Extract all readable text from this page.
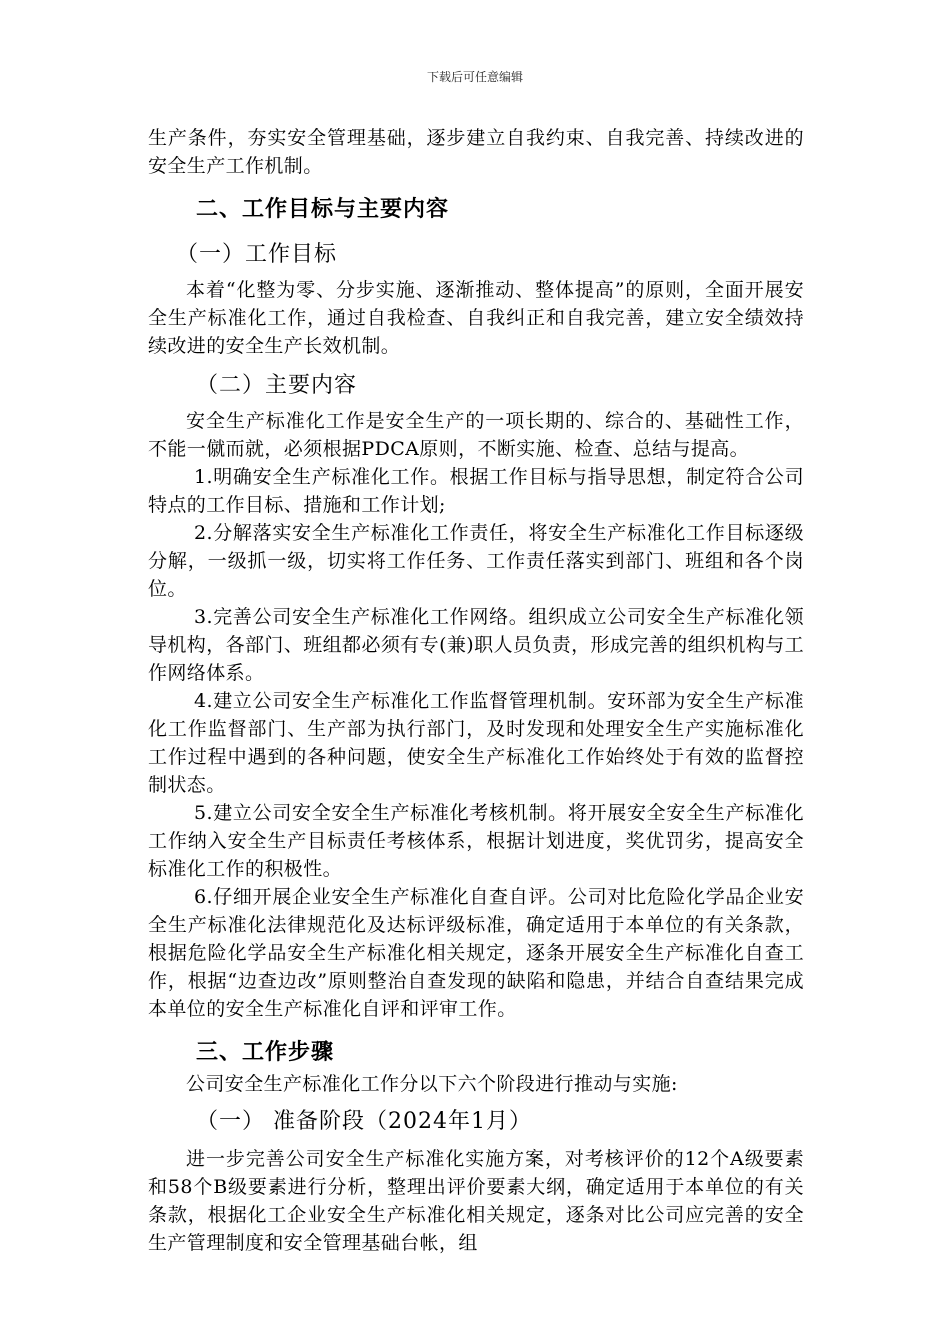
下载后可任意编辑

生产条件，夯实安全管理基础，逐步建立自我约束、自我完善、持续改进的安全生产工作机制。

二、工作目标与主要内容
（一）工作目标

本着“化整为零、分步实施、逐渐推动、整体提高”的原则，全面开展安全生产标准化工作，通过自我检查、自我纠正和自我完善，建立安全绩效持续改进的安全生产长效机制。

（二）主要内容

安全生产标准化工作是安全生产的一项长期的、综合的、基础性工作，不能一僦而就，必须根据PDCA原则，不断实施、检查、总结与提高。

1.明确安全生产标准化工作。根据工作目标与指导思想，制定符合公司特点的工作目标、措施和工作计划;

2.分解落实安全生产标准化工作责任，将安全生产标准化工作目标逐级分解，一级抓一级，切实将工作任务、工作责任落实到部门、班组和各个岗位。

3.完善公司安全生产标准化工作网络。组织成立公司安全生产标准化领导机构，各部门、班组都必须有专(兼)职人员负责，形成完善的组织机构与工作网络体系。

4.建立公司安全生产标准化工作监督管理机制。安环部为安全生产标准化工作监督部门、生产部为执行部门，及时发现和处理安全生产实施标准化工作过程中遇到的各种问题，使安全生产标准化工作始终处于有效的监督控制状态。

5.建立公司安全安全生产标准化考核机制。将开展安全安全生产标准化工作纳入安全生产目标责任考核体系，根据计划进度，奖优罚劣，提高安全标准化工作的积极性。

6.仔细开展企业安全生产标准化自查自评。公司对比危险化学品企业安全生产标准化法律规范化及达标评级标准，确定适用于本单位的有关条款，根据危险化学品安全生产标准化相关规定，逐条开展安全生产标准化自查工作，根据“边查边改”原则整治自查发现的缺陷和隐患，并结合自查结果完成本单位的安全生产标准化自评和评审工作。

三、工作步骤

公司安全生产标准化工作分以下六个阶段进行推动与实施:

（一） 准备阶段（2024年1月）

进一步完善公司安全生产标准化实施方案，对考核评价的12个A级要素和58个B级要素进行分析，整理出评价要素大纲，确定适用于本单位的有关条款，根据化工企业安全生产标准化相关规定，逐条对比公司应完善的安全生产管理制度和安全管理基础台帐，组
